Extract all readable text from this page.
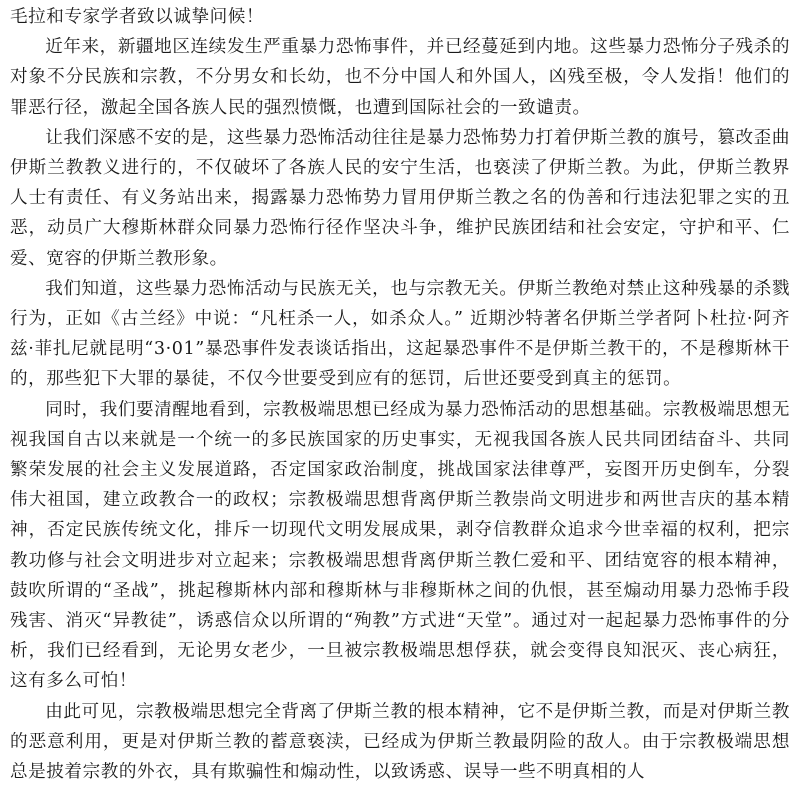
毛拉和专家学者致以诚挚问候！

近年来，新疆地区连续发生严重暴力恐怖事件，并已经蔓延到内地。这些暴力恐怖分子残杀的对象不分民族和宗教，不分男女和长幼，也不分中国人和外国人，凶残至极，令人发指！他们的罪恶行径，激起全国各族人民的强烈愤慨，也遭到国际社会的一致谴责。

让我们深感不安的是，这些暴力恐怖活动往往是暴力恐怖势力打着伊斯兰教的旗号，篡改歪曲伊斯兰教教义进行的，不仅破坏了各族人民的安宁生活，也亵渎了伊斯兰教。为此，伊斯兰教界人士有责任、有义务站出来，揭露暴力恐怖势力冒用伊斯兰教之名的伪善和行违法犯罪之实的丑恶，动员广大穆斯林群众同暴力恐怖行径作坚决斗争，维护民族团结和社会安定，守护和平、仁爱、宽容的伊斯兰教形象。

我们知道，这些暴力恐怖活动与民族无关，也与宗教无关。伊斯兰教绝对禁止这种残暴的杀戮行为，正如《古兰经》中说：“凡枉杀一人，如杀众人。” 近期沙特著名伊斯兰学者阿卜杜拉·阿齐兹·菲扎尼就昆明“3·01”暴恐事件发表谈话指出，这起暴恐事件不是伊斯兰教干的，不是穆斯林干的，那些犯下大罪的暴徒，不仅今世要受到应有的惩罚，后世还要受到真主的惩罚。

同时，我们要清醒地看到，宗教极端思想已经成为暴力恐怖活动的思想基础。宗教极端思想无视我国自古以来就是一个统一的多民族国家的历史事实，无视我国各族人民共同团结奋斗、共同繁荣发展的社会主义发展道路，否定国家政治制度，挑战国家法律尊严，妄图开历史倒车，分裂伟大祖国，建立政教合一的政权；宗教极端思想背离伊斯兰教崇尚文明进步和两世吉庆的基本精神，否定民族传统文化，排斥一切现代文明发展成果，剥夺信教群众追求今世幸福的权利，把宗教功修与社会文明进步对立起来；宗教极端思想背离伊斯兰教仁爱和平、团结宽容的根本精神，鼓吹所谓的“圣战”，挑起穆斯林内部和穆斯林与非穆斯林之间的仇恨，甚至煽动用暴力恐怖手段残害、消灭“异教徒”，诱惑信众以所谓的“殉教”方式进“天堂”。通过对一起起暴力恐怖事件的分析，我们已经看到，无论男女老少，一旦被宗教极端思想俘获，就会变得良知泯灭、丧心病狂，这有多么可怕！

由此可见，宗教极端思想完全背离了伊斯兰教的根本精神，它不是伊斯兰教，而是对伊斯兰教的恶意利用，更是对伊斯兰教的蓄意亵渎，已经成为伊斯兰教最阴险的敌人。由于宗教极端思想总是披着宗教的外衣，具有欺骗性和煽动性，以致诱惑、误导一些不明真相的人
